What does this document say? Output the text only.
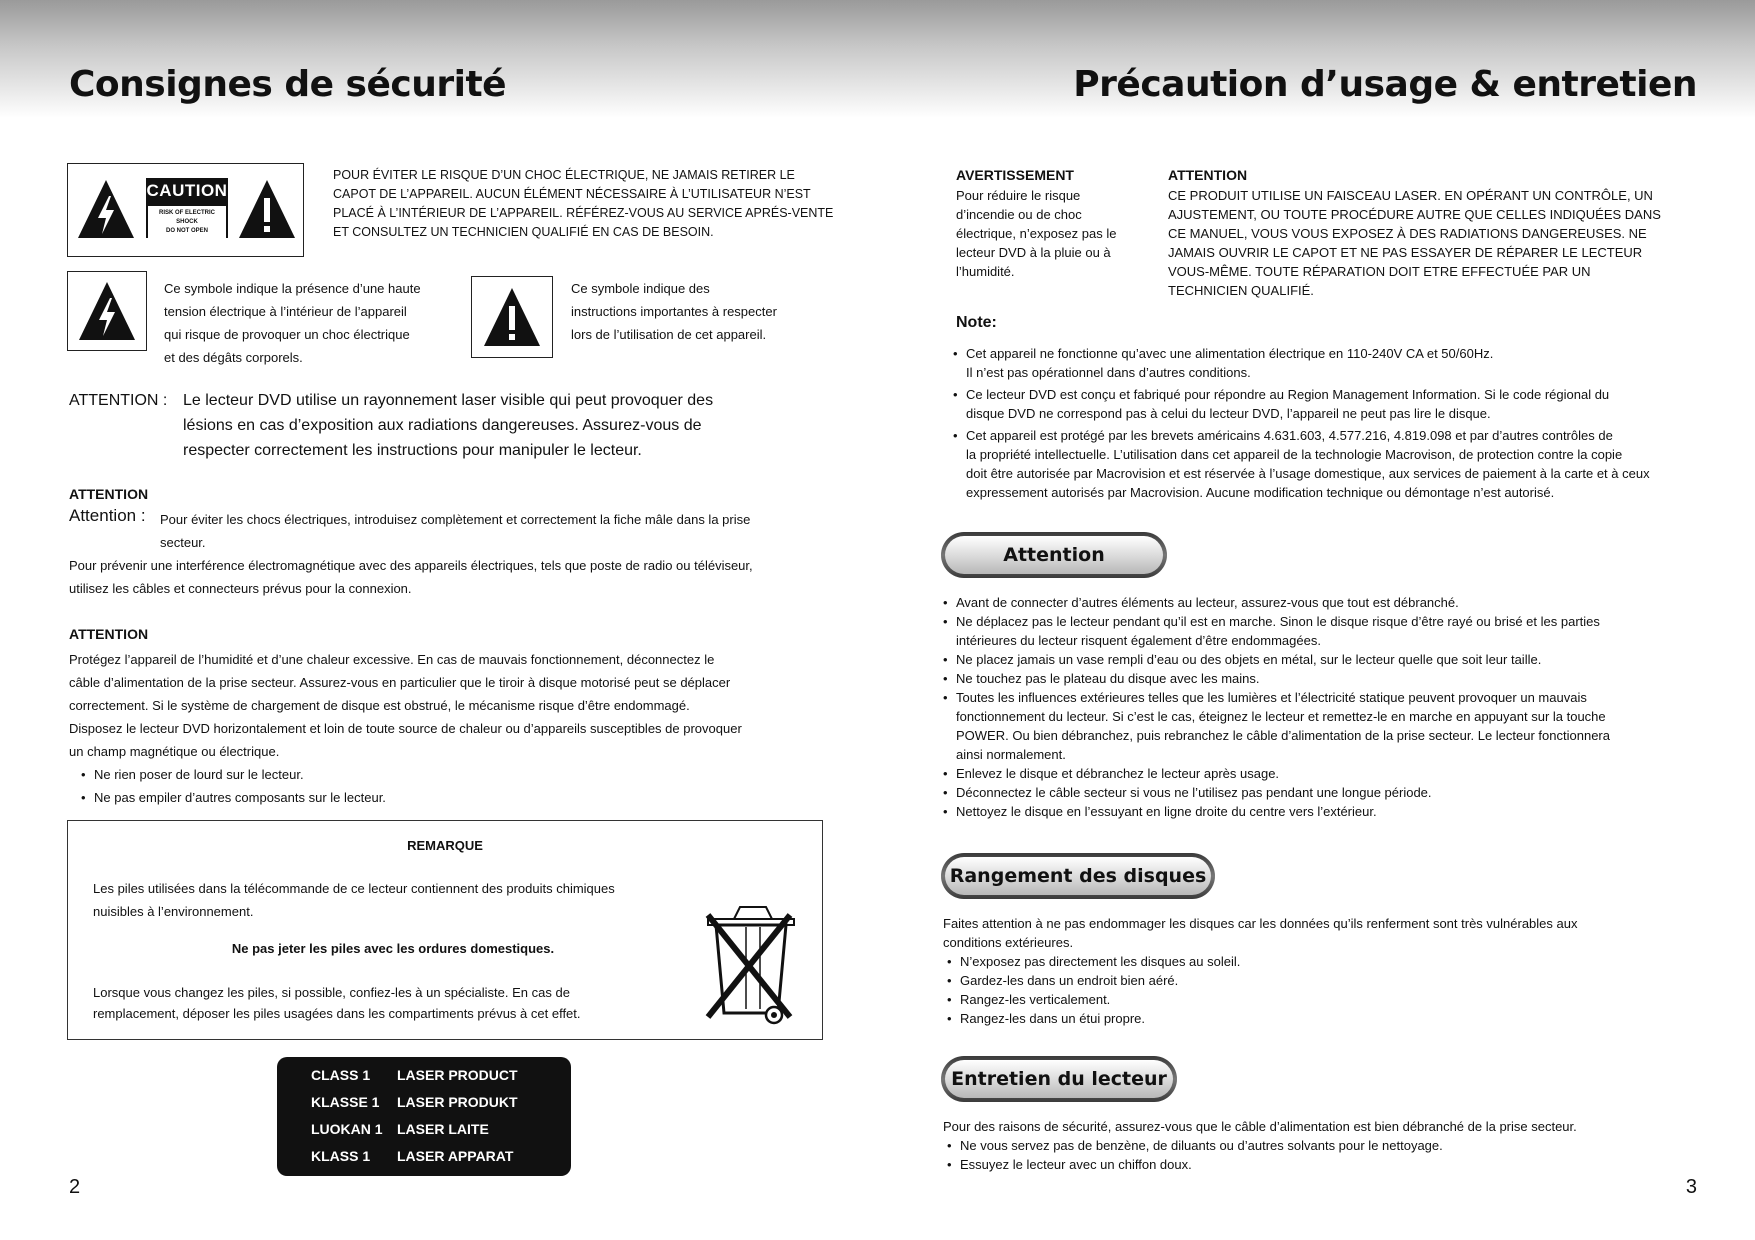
Consignes de sécurité	Précaution d’usage & entretien
CAUTION
RISK OF ELECTRIC SHOCK
DO NOT OPEN
POUR ÉVITER LE RISQUE D’UN CHOC ÉLECTRIQUE, NE JAMAIS RETIRER LE
CAPOT DE L’APPAREIL. AUCUN ÉLÉMENT NÉCESSAIRE À L’UTILISATEUR N’EST
PLACÉ À L’INTÉRIEUR DE L’APPAREIL. RÉFÉREZ-VOUS AU SERVICE APRÉS-VENTE
ET CONSULTEZ UN TECHNICIEN QUALIFIÉ EN CAS DE BESOIN.
Ce symbole indique la présence d’une haute
tension électrique à l’intérieur de l’appareil
qui risque de provoquer un choc électrique
et des dégâts corporels.
Ce symbole indique des
instructions importantes à respecter
lors de l’utilisation de cet appareil.
ATTENTION : Le lecteur DVD utilise un rayonnement laser visible qui peut provoquer des
lésions en cas d’exposition aux radiations dangereuses. Assurez-vous de
respecter correctement les instructions pour manipuler le lecteur.
ATTENTION
Attention : Pour éviter les chocs électriques, introduisez complètement et correctement la fiche mâle dans la prise
secteur.
Pour prévenir une interférence électromagnétique avec des appareils électriques, tels que poste de radio ou téléviseur,
utilisez les câbles et connecteurs prévus pour la connexion.
ATTENTION
Protégez l’appareil de l’humidité et d’une chaleur excessive. En cas de mauvais fonctionnement, déconnectez le
câble d’alimentation de la prise secteur. Assurez-vous en particulier que le tiroir à disque motorisé peut se déplacer
correctement. Si le système de chargement de disque est obstrué, le mécanisme risque d’être endommagé.
Disposez le lecteur DVD horizontalement et loin de toute source de chaleur ou d’appareils susceptibles de provoquer
un champ magnétique ou électrique.
• Ne rien poser de lourd sur le lecteur.
• Ne pas empiler d’autres composants sur le lecteur.
REMARQUE
Les piles utilisées dans la télécommande de ce lecteur contiennent des produits chimiques
nuisibles à l’environnement.
Ne pas jeter les piles avec les ordures domestiques.
Lorsque vous changez les piles, si possible, confiez-les à un spécialiste. En cas de
remplacement, déposer les piles usagées dans les compartiments prévus à cet effet.
CLASS 1 LASER PRODUCT
KLASSE 1 LASER PRODUKT
LUOKAN 1 LASER LAITE
KLASS 1 LASER APPARAT
2
AVERTISSEMENT
Pour réduire le risque
d’incendie ou de choc
électrique, n’exposez pas le
lecteur DVD à la pluie ou à
l’humidité.
ATTENTION
CE PRODUIT UTILISE UN FAISCEAU LASER. EN OPÉRANT UN CONTRÔLE, UN
AJUSTEMENT, OU TOUTE PROCÉDURE AUTRE QUE CELLES INDIQUÉES DANS
CE MANUEL, VOUS VOUS EXPOSEZ À DES RADIATIONS DANGEREUSES. NE
JAMAIS OUVRIR LE CAPOT ET NE PAS ESSAYER DE RÉPARER LE LECTEUR
VOUS-MÊME. TOUTE RÉPARATION DOIT ETRE EFFECTUÉE PAR UN
TECHNICIEN QUALIFIÉ.
Note:
• Cet appareil ne fonctionne qu’avec une alimentation électrique en 110-240V CA et 50/60Hz.
Il n’est pas opérationnel dans d’autres conditions.
• Ce lecteur DVD est conçu et fabriqué pour répondre au Region Management Information. Si le code régional du
disque DVD ne correspond pas à celui du lecteur DVD, l’appareil ne peut pas lire le disque.
• Cet appareil est protégé par les brevets américains 4.631.603, 4.577.216, 4.819.098 et par d’autres contrôles de
la propriété intellectuelle. L’utilisation dans cet appareil de la technologie Macrovison, de protection contre la copie
doit être autorisée par Macrovision et est réservée à l’usage domestique, aux services de paiement à la carte et à ceux
expressement autorisés par Macrovision. Aucune modification technique ou démontage n’est autorisé.
Attention
• Avant de connecter d’autres éléments au lecteur, assurez-vous que tout est débranché.
• Ne déplacez pas le lecteur pendant qu’il est en marche. Sinon le disque risque d’être rayé ou brisé et les parties
intérieures du lecteur risquent également d’être endommagées.
• Ne placez jamais un vase rempli d’eau ou des objets en métal, sur le lecteur quelle que soit leur taille.
• Ne touchez pas le plateau du disque avec les mains.
• Toutes les influences extérieures telles que les lumières et l’électricité statique peuvent provoquer un mauvais
fonctionnement du lecteur. Si c’est le cas, éteignez le lecteur et remettez-le en marche en appuyant sur la touche
POWER. Ou bien débranchez, puis rebranchez le câble d’alimentation de la prise secteur. Le lecteur fonctionnera
ainsi normalement.
• Enlevez le disque et débranchez le lecteur après usage.
• Déconnectez le câble secteur si vous ne l’utilisez pas pendant une longue période.
• Nettoyez le disque en l’essuyant en ligne droite du centre vers l’extérieur.
Rangement des disques
Faites attention à ne pas endommager les disques car les données qu’ils renferment sont très vulnérables aux
conditions extérieures.
• N’exposez pas directement les disques au soleil.
• Gardez-les dans un endroit bien aéré.
• Rangez-les verticalement.
• Rangez-les dans un étui propre.
Entretien du lecteur
Pour des raisons de sécurité, assurez-vous que le câble d’alimentation est bien débranché de la prise secteur.
• Ne vous servez pas de benzène, de diluants ou d’autres solvants pour le nettoyage.
• Essuyez le lecteur avec un chiffon doux.
3
